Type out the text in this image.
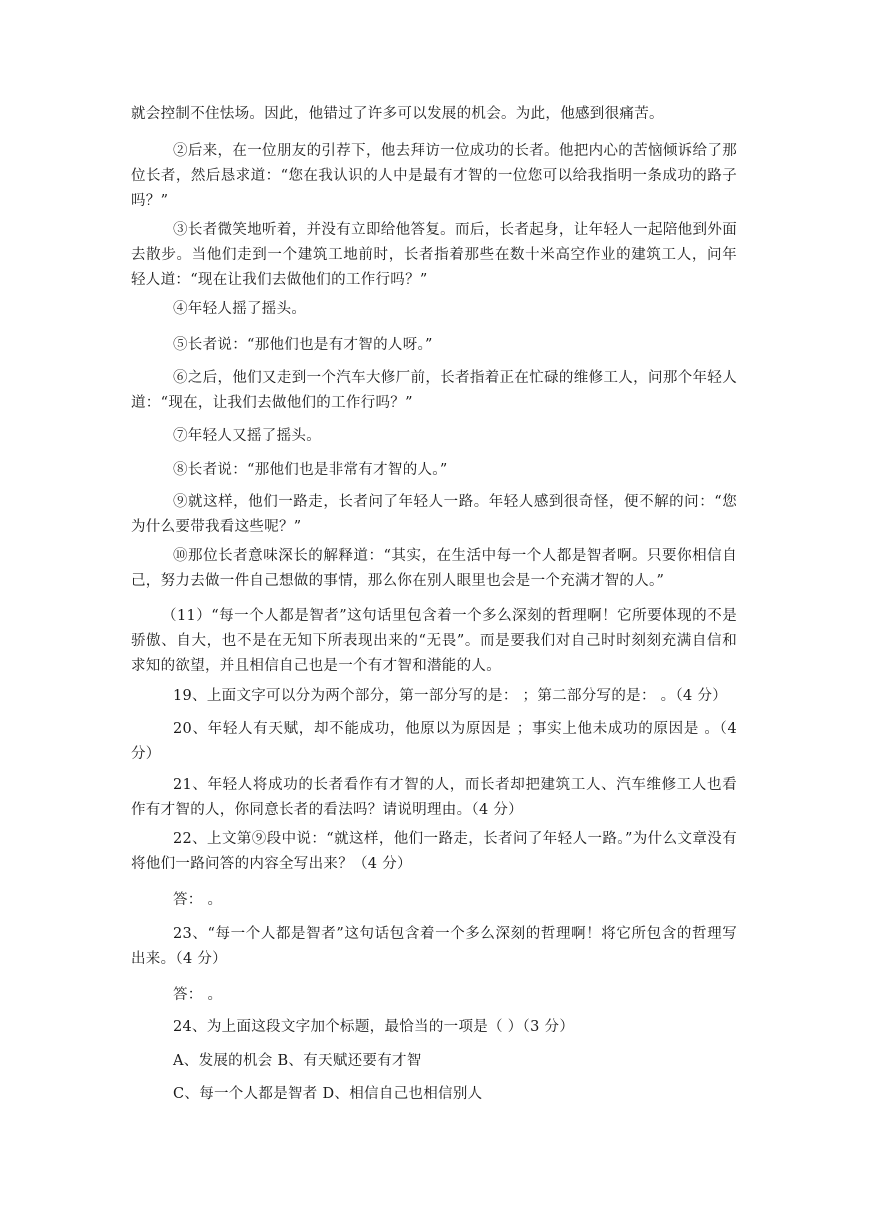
就会控制不住怯场。因此，他错过了许多可以发展的机会。为此，他感到很痛苦。

②后来，在一位朋友的引荐下，他去拜访一位成功的长者。他把内心的苦恼倾诉给了那位长者，然后恳求道：“您在我认识的人中是最有才智的一位您可以给我指明一条成功的路子吗？”

③长者微笑地听着，并没有立即给他答复。而后，长者起身，让年轻人一起陪他到外面去散步。当他们走到一个建筑工地前时，长者指着那些在数十米高空作业的建筑工人，问年轻人道：“现在让我们去做他们的工作行吗？”

④年轻人摇了摇头。

⑤长者说：“那他们也是有才智的人呀。”

⑥之后，他们又走到一个汽车大修厂前，长者指着正在忙碌的维修工人，问那个年轻人道：“现在，让我们去做他们的工作行吗？”

⑦年轻人又摇了摇头。

⑧长者说：“那他们也是非常有才智的人。”

⑨就这样，他们一路走，长者问了年轻人一路。年轻人感到很奇怪，便不解的问：“您为什么要带我看这些呢？”

⑩那位长者意味深长的解释道：“其实，在生活中每一个人都是智者啊。只要你相信自己，努力去做一件自己想做的事情，那么你在别人眼里也会是一个充满才智的人。”

（11）“每一个人都是智者”这句话里包含着一个多么深刻的哲理啊！它所要体现的不是骄傲、自大，也不是在无知下所表现出来的“无畏”。而是要我们对自己时时刻刻充满自信和求知的欲望，并且相信自己也是一个有才智和潜能的人。

19、上面文字可以分为两个部分，第一部分写的是： ；第二部分写的是： 。（4 分）

20、年轻人有天赋，却不能成功，他原以为原因是 ；事实上他未成功的原因是 。（4 分）

21、年轻人将成功的长者看作有才智的人，而长者却把建筑工人、汽车维修工人也看作有才智的人，你同意长者的看法吗？请说明理由。（4 分）

22、上文第⑨段中说：“就这样，他们一路走，长者问了年轻人一路。”为什么文章没有将他们一路问答的内容全写出来？（4 分）

答： 。

23、“每一个人都是智者”这句话包含着一个多么深刻的哲理啊！将它所包含的哲理写出来。（4 分）

答： 。

24、为上面这段文字加个标题，最恰当的一项是（ ）（3 分）

A、发展的机会 B、有天赋还要有才智

C、每一个人都是智者 D、相信自己也相信别人
